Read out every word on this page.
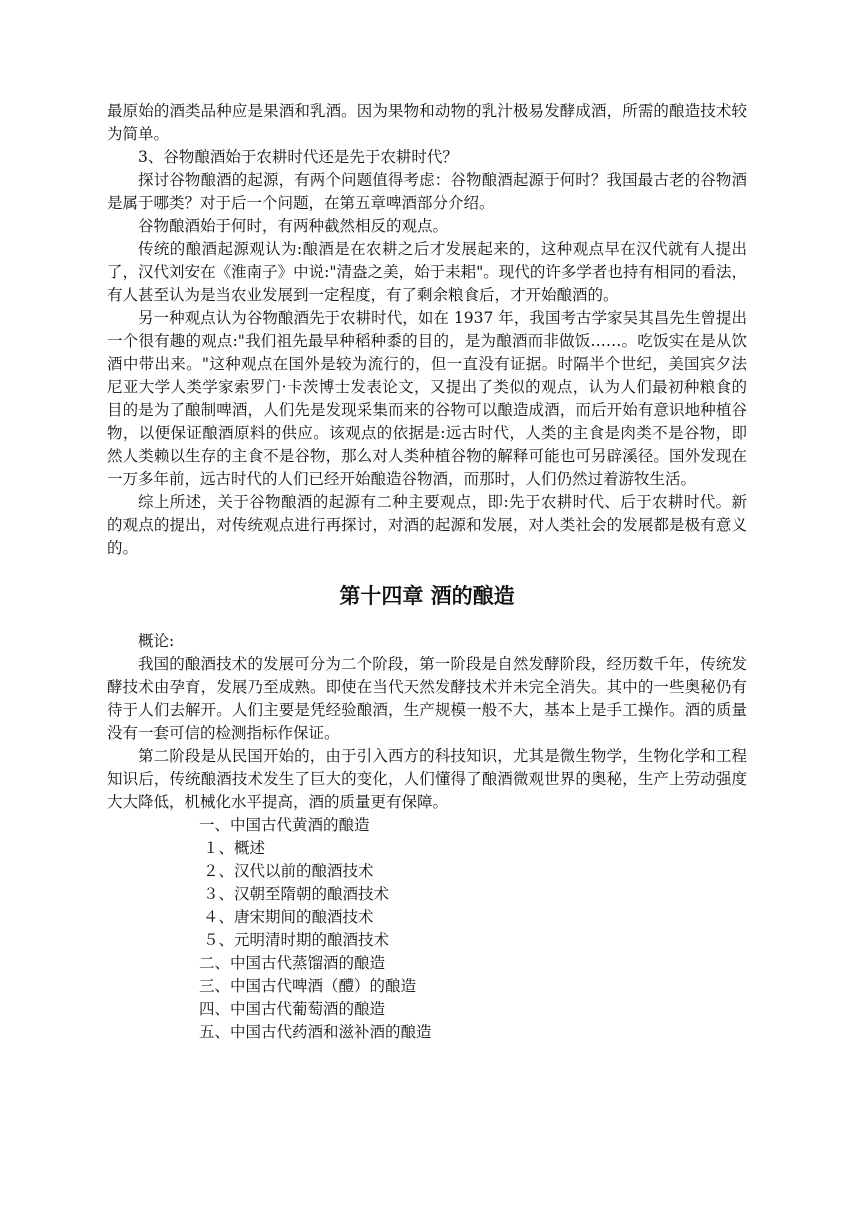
最原始的酒类品种应是果酒和乳酒。因为果物和动物的乳汁极易发酵成酒，所需的酿造技术较为简单。

3、谷物酿酒始于农耕时代还是先于农耕时代？

探讨谷物酿酒的起源，有两个问题值得考虑：谷物酿酒起源于何时？我国最古老的谷物酒是属于哪类？对于后一个问题，在第五章啤酒部分介绍。

谷物酿酒始于何时，有两种截然相反的观点。

传统的酿酒起源观认为:酿酒是在农耕之后才发展起来的，这种观点早在汉代就有人提出了，汉代刘安在《淮南子》中说:"清盎之美，始于耒耜"。现代的许多学者也持有相同的看法，有人甚至认为是当农业发展到一定程度，有了剩余粮食后，才开始酿酒的。

另一种观点认为谷物酿酒先于农耕时代，如在 1937 年，我国考古学家吴其昌先生曾提出一个很有趣的观点:"我们祖先最早种稻种黍的目的，是为酿酒而非做饭……。吃饭实在是从饮酒中带出来。"这种观点在国外是较为流行的，但一直没有证据。时隔半个世纪，美国宾夕法尼亚大学人类学家索罗门·卡茨博士发表论文，又提出了类似的观点，认为人们最初种粮食的目的是为了酿制啤酒，人们先是发现采集而来的谷物可以酿造成酒，而后开始有意识地种植谷物，以便保证酿酒原料的供应。该观点的依据是:远古时代，人类的主食是肉类不是谷物，即然人类赖以生存的主食不是谷物，那么对人类种植谷物的解释可能也可另辟溪径。国外发现在一万多年前，远古时代的人们已经开始酿造谷物酒，而那时，人们仍然过着游牧生活。

综上所述，关于谷物酿酒的起源有二种主要观点，即:先于农耕时代、后于农耕时代。新的观点的提出，对传统观点进行再探讨，对酒的起源和发展，对人类社会的发展都是极有意义的。

第十四章 酒的酿造

概论:

我国的酿酒技术的发展可分为二个阶段，第一阶段是自然发酵阶段，经历数千年，传统发酵技术由孕育，发展乃至成熟。即使在当代天然发酵技术并未完全消失。其中的一些奥秘仍有待于人们去解开。人们主要是凭经验酿酒，生产规模一般不大，基本上是手工操作。酒的质量没有一套可信的检测指标作保证。

第二阶段是从民国开始的，由于引入西方的科技知识，尤其是微生物学，生物化学和工程知识后，传统酿酒技术发生了巨大的变化，人们懂得了酿酒微观世界的奥秘，生产上劳动强度大大降低，机械化水平提高，酒的质量更有保障。

一、中国古代黄酒的酿造
１、概述
２、汉代以前的酿酒技术
３、汉朝至隋朝的酿酒技术
４、唐宋期间的酿酒技术
５、元明清时期的酿酒技术
二、中国古代蒸馏酒的酿造
三、中国古代啤酒（醴）的酿造
四、中国古代葡萄酒的酿造
五、中国古代药酒和滋补酒的酿造
